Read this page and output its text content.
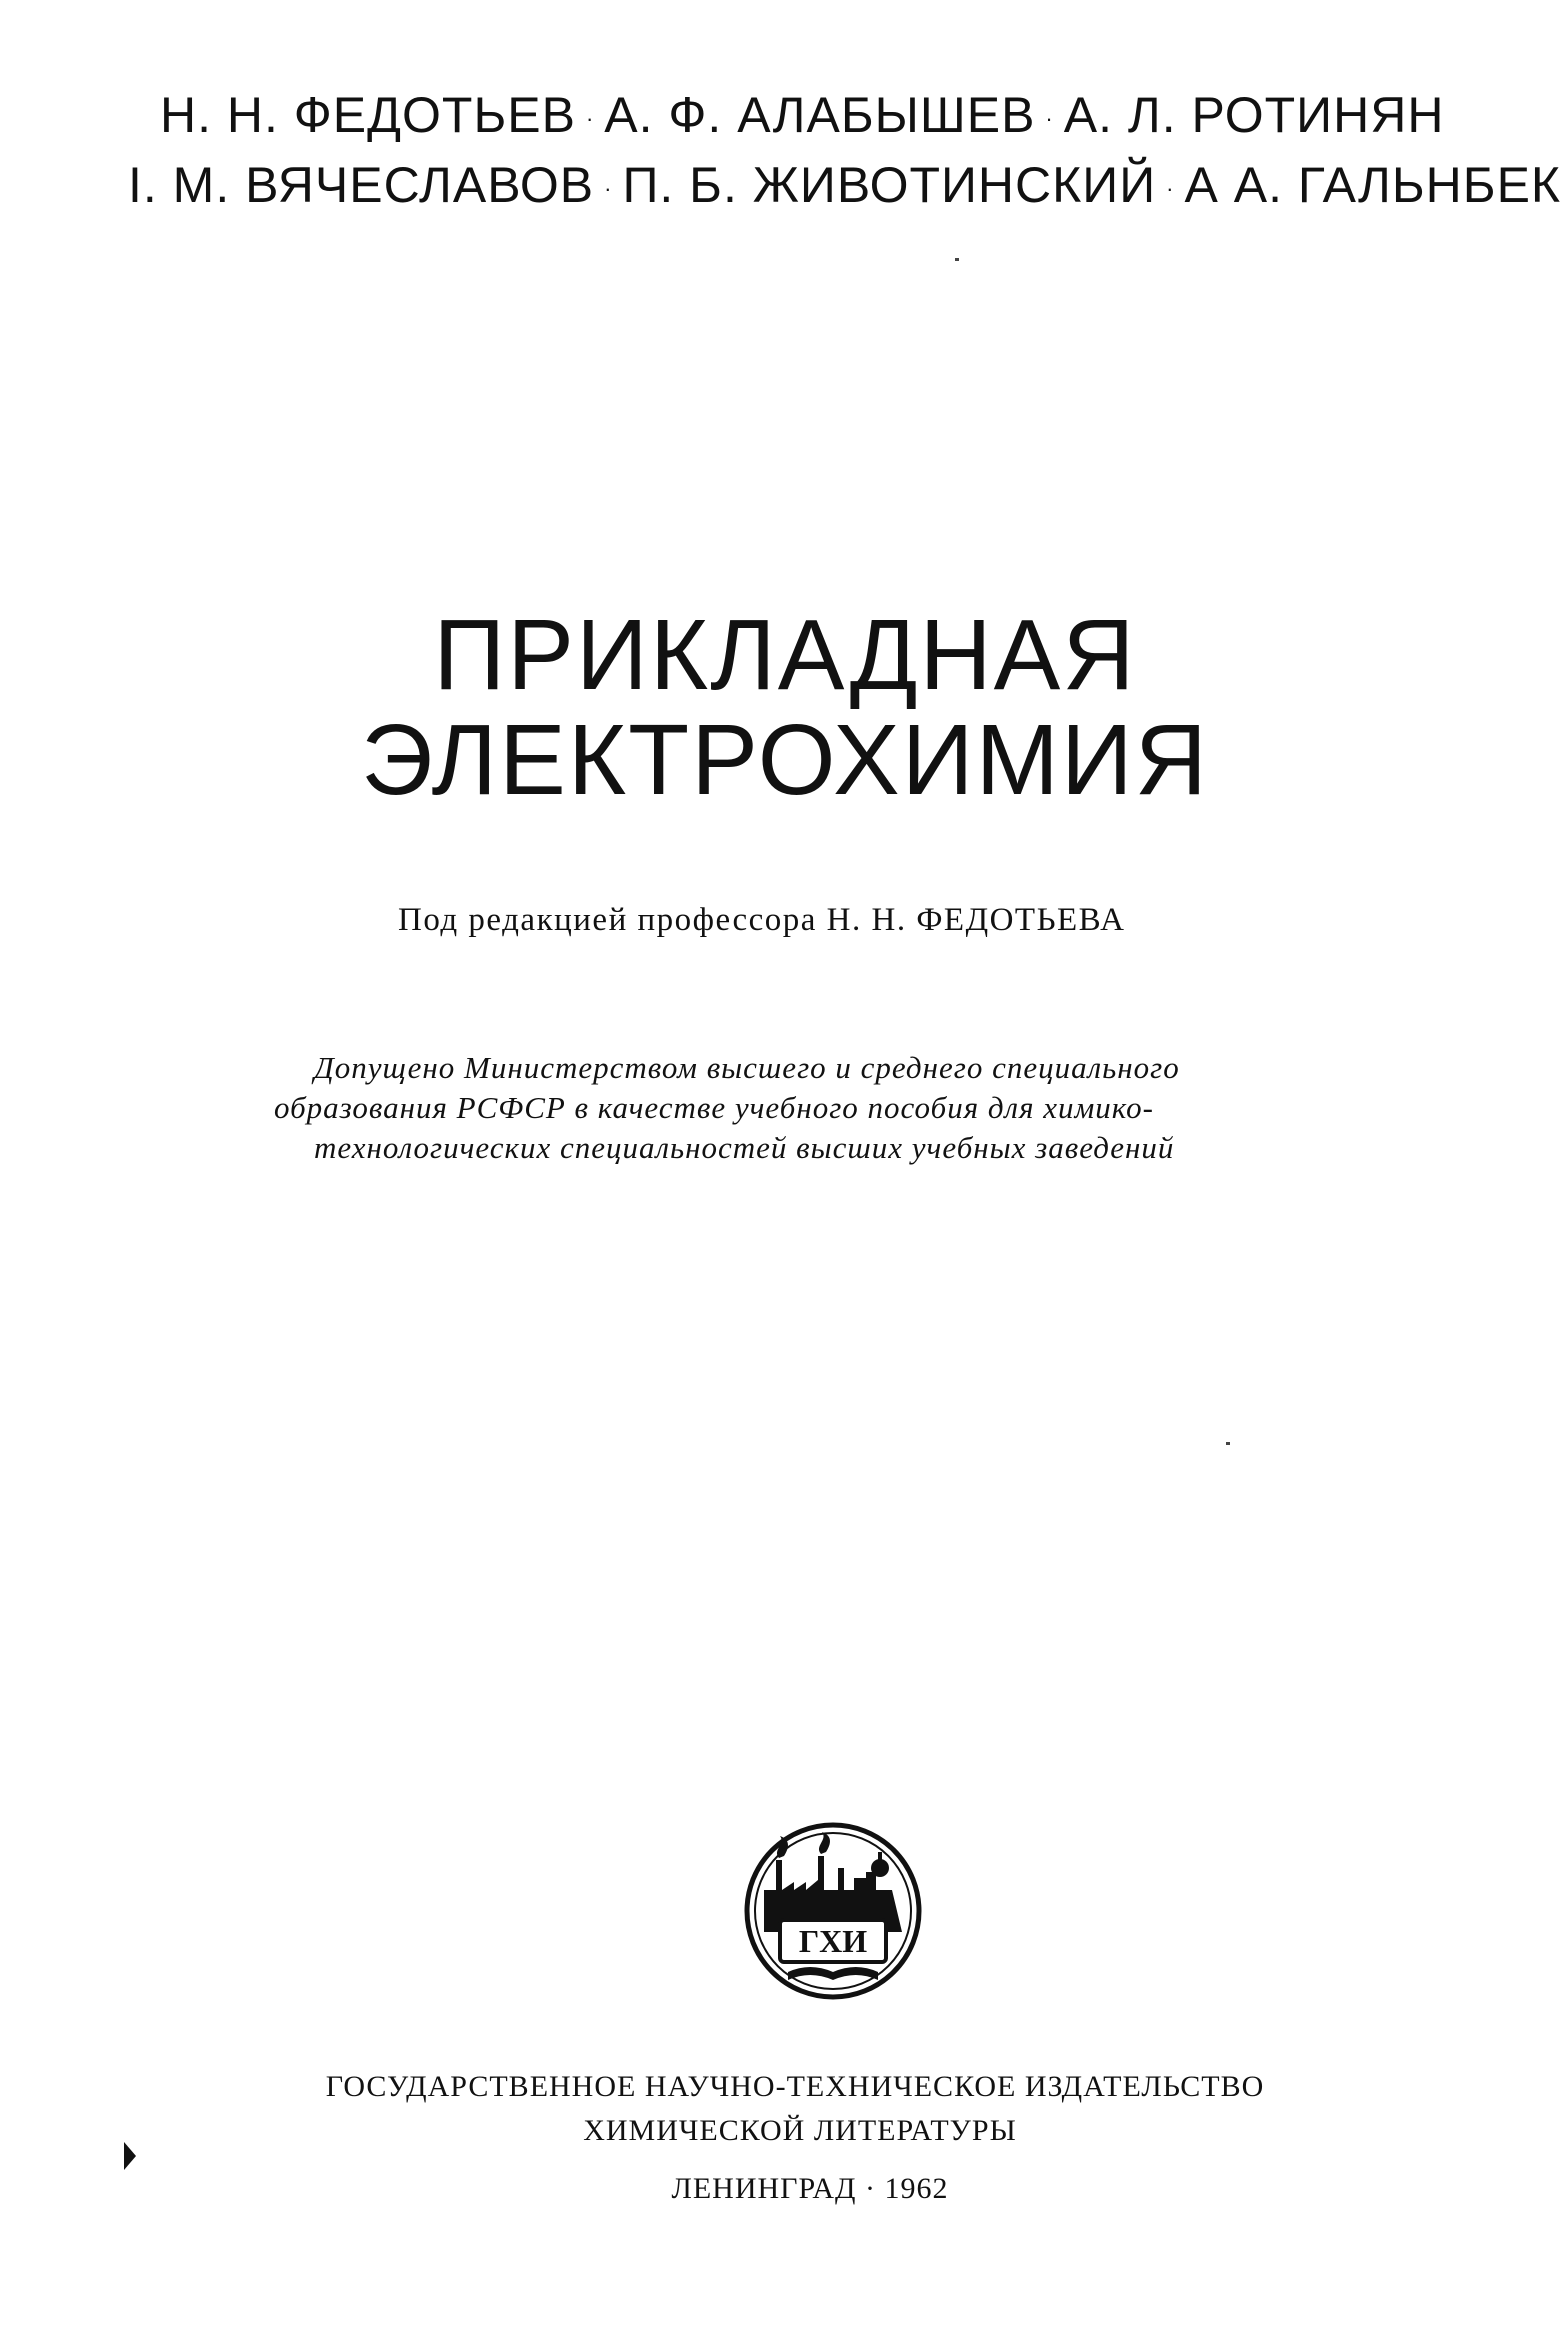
Н. Н. ФЕДОТЬЕВ · А. Ф. АЛАБЫШЕВ · А. Л. РОТИНЯН
I. М. ВЯЧЕСЛАВОВ · П. Б. ЖИВОТИНСКИЙ · А А. ГАЛЬНБЕК
ПРИКЛАДНАЯ
ЭЛЕКТРОХИМИЯ
Под редакцией профессора Н. Н. ФЕДОТЬЕВА
Допущено Министерством высшего и среднего специального
образования РСФСР в качестве учебного пособия для химико-
технологических специальностей высших учебных заведений
ГХИ
ГОСУДАРСТВЕННОЕ НАУЧНО-ТЕХНИЧЕСКОЕ ИЗДАТЕЛЬСТВО
ХИМИЧЕСКОЙ ЛИТЕРАТУРЫ
ЛЕНИНГРАД · 1962
